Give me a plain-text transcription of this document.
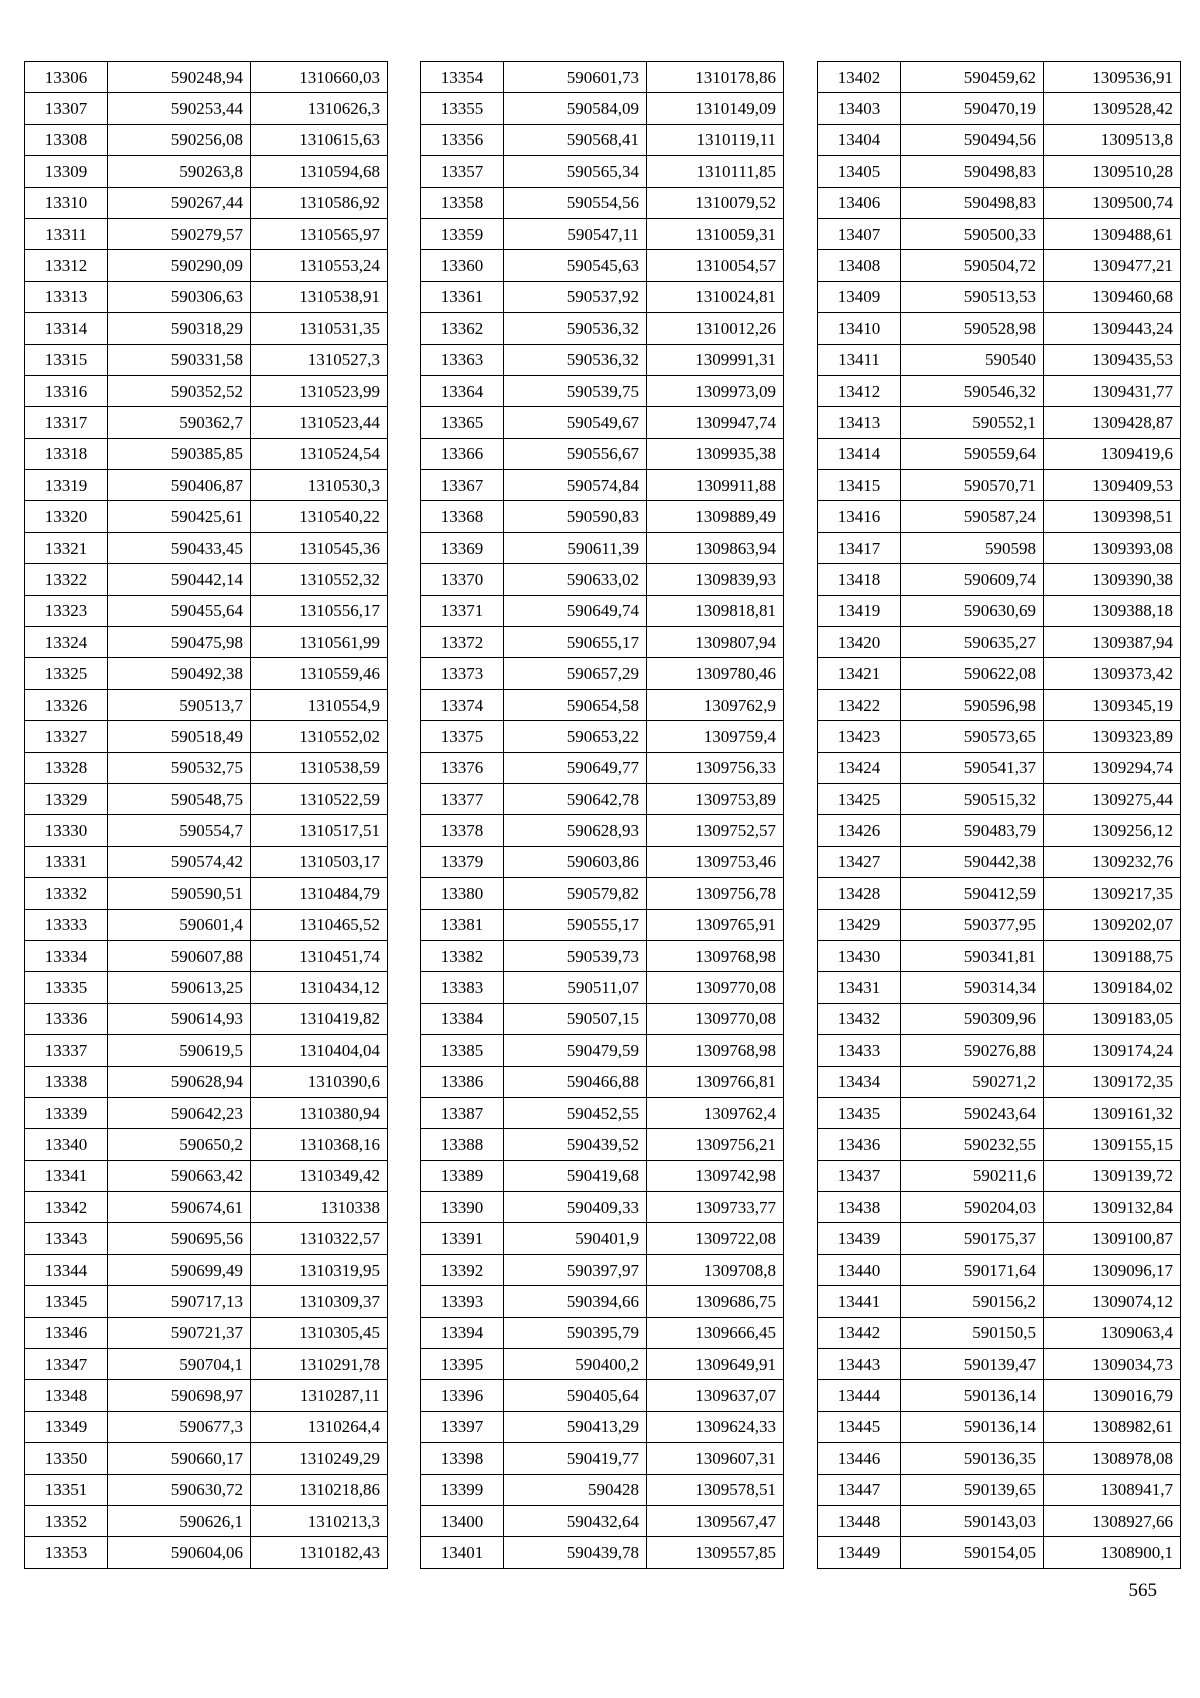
13306	590248,94	1310660,03
13307	590253,44	1310626,3
13308	590256,08	1310615,63
13309	590263,8	1310594,68
13310	590267,44	1310586,92
13311	590279,57	1310565,97
13312	590290,09	1310553,24
13313	590306,63	1310538,91
13314	590318,29	1310531,35
13315	590331,58	1310527,3
13316	590352,52	1310523,99
13317	590362,7	1310523,44
13318	590385,85	1310524,54
13319	590406,87	1310530,3
13320	590425,61	1310540,22
13321	590433,45	1310545,36
13322	590442,14	1310552,32
13323	590455,64	1310556,17
13324	590475,98	1310561,99
13325	590492,38	1310559,46
13326	590513,7	1310554,9
13327	590518,49	1310552,02
13328	590532,75	1310538,59
13329	590548,75	1310522,59
13330	590554,7	1310517,51
13331	590574,42	1310503,17
13332	590590,51	1310484,79
13333	590601,4	1310465,52
13334	590607,88	1310451,74
13335	590613,25	1310434,12
13336	590614,93	1310419,82
13337	590619,5	1310404,04
13338	590628,94	1310390,6
13339	590642,23	1310380,94
13340	590650,2	1310368,16
13341	590663,42	1310349,42
13342	590674,61	1310338
13343	590695,56	1310322,57
13344	590699,49	1310319,95
13345	590717,13	1310309,37
13346	590721,37	1310305,45
13347	590704,1	1310291,78
13348	590698,97	1310287,11
13349	590677,3	1310264,4
13350	590660,17	1310249,29
13351	590630,72	1310218,86
13352	590626,1	1310213,3
13353	590604,06	1310182,43
13354	590601,73	1310178,86
13355	590584,09	1310149,09
13356	590568,41	1310119,11
13357	590565,34	1310111,85
13358	590554,56	1310079,52
13359	590547,11	1310059,31
13360	590545,63	1310054,57
13361	590537,92	1310024,81
13362	590536,32	1310012,26
13363	590536,32	1309991,31
13364	590539,75	1309973,09
13365	590549,67	1309947,74
13366	590556,67	1309935,38
13367	590574,84	1309911,88
13368	590590,83	1309889,49
13369	590611,39	1309863,94
13370	590633,02	1309839,93
13371	590649,74	1309818,81
13372	590655,17	1309807,94
13373	590657,29	1309780,46
13374	590654,58	1309762,9
13375	590653,22	1309759,4
13376	590649,77	1309756,33
13377	590642,78	1309753,89
13378	590628,93	1309752,57
13379	590603,86	1309753,46
13380	590579,82	1309756,78
13381	590555,17	1309765,91
13382	590539,73	1309768,98
13383	590511,07	1309770,08
13384	590507,15	1309770,08
13385	590479,59	1309768,98
13386	590466,88	1309766,81
13387	590452,55	1309762,4
13388	590439,52	1309756,21
13389	590419,68	1309742,98
13390	590409,33	1309733,77
13391	590401,9	1309722,08
13392	590397,97	1309708,8
13393	590394,66	1309686,75
13394	590395,79	1309666,45
13395	590400,2	1309649,91
13396	590405,64	1309637,07
13397	590413,29	1309624,33
13398	590419,77	1309607,31
13399	590428	1309578,51
13400	590432,64	1309567,47
13401	590439,78	1309557,85
13402	590459,62	1309536,91
13403	590470,19	1309528,42
13404	590494,56	1309513,8
13405	590498,83	1309510,28
13406	590498,83	1309500,74
13407	590500,33	1309488,61
13408	590504,72	1309477,21
13409	590513,53	1309460,68
13410	590528,98	1309443,24
13411	590540	1309435,53
13412	590546,32	1309431,77
13413	590552,1	1309428,87
13414	590559,64	1309419,6
13415	590570,71	1309409,53
13416	590587,24	1309398,51
13417	590598	1309393,08
13418	590609,74	1309390,38
13419	590630,69	1309388,18
13420	590635,27	1309387,94
13421	590622,08	1309373,42
13422	590596,98	1309345,19
13423	590573,65	1309323,89
13424	590541,37	1309294,74
13425	590515,32	1309275,44
13426	590483,79	1309256,12
13427	590442,38	1309232,76
13428	590412,59	1309217,35
13429	590377,95	1309202,07
13430	590341,81	1309188,75
13431	590314,34	1309184,02
13432	590309,96	1309183,05
13433	590276,88	1309174,24
13434	590271,2	1309172,35
13435	590243,64	1309161,32
13436	590232,55	1309155,15
13437	590211,6	1309139,72
13438	590204,03	1309132,84
13439	590175,37	1309100,87
13440	590171,64	1309096,17
13441	590156,2	1309074,12
13442	590150,5	1309063,4
13443	590139,47	1309034,73
13444	590136,14	1309016,79
13445	590136,14	1308982,61
13446	590136,35	1308978,08
13447	590139,65	1308941,7
13448	590143,03	1308927,66
13449	590154,05	1308900,1
565
